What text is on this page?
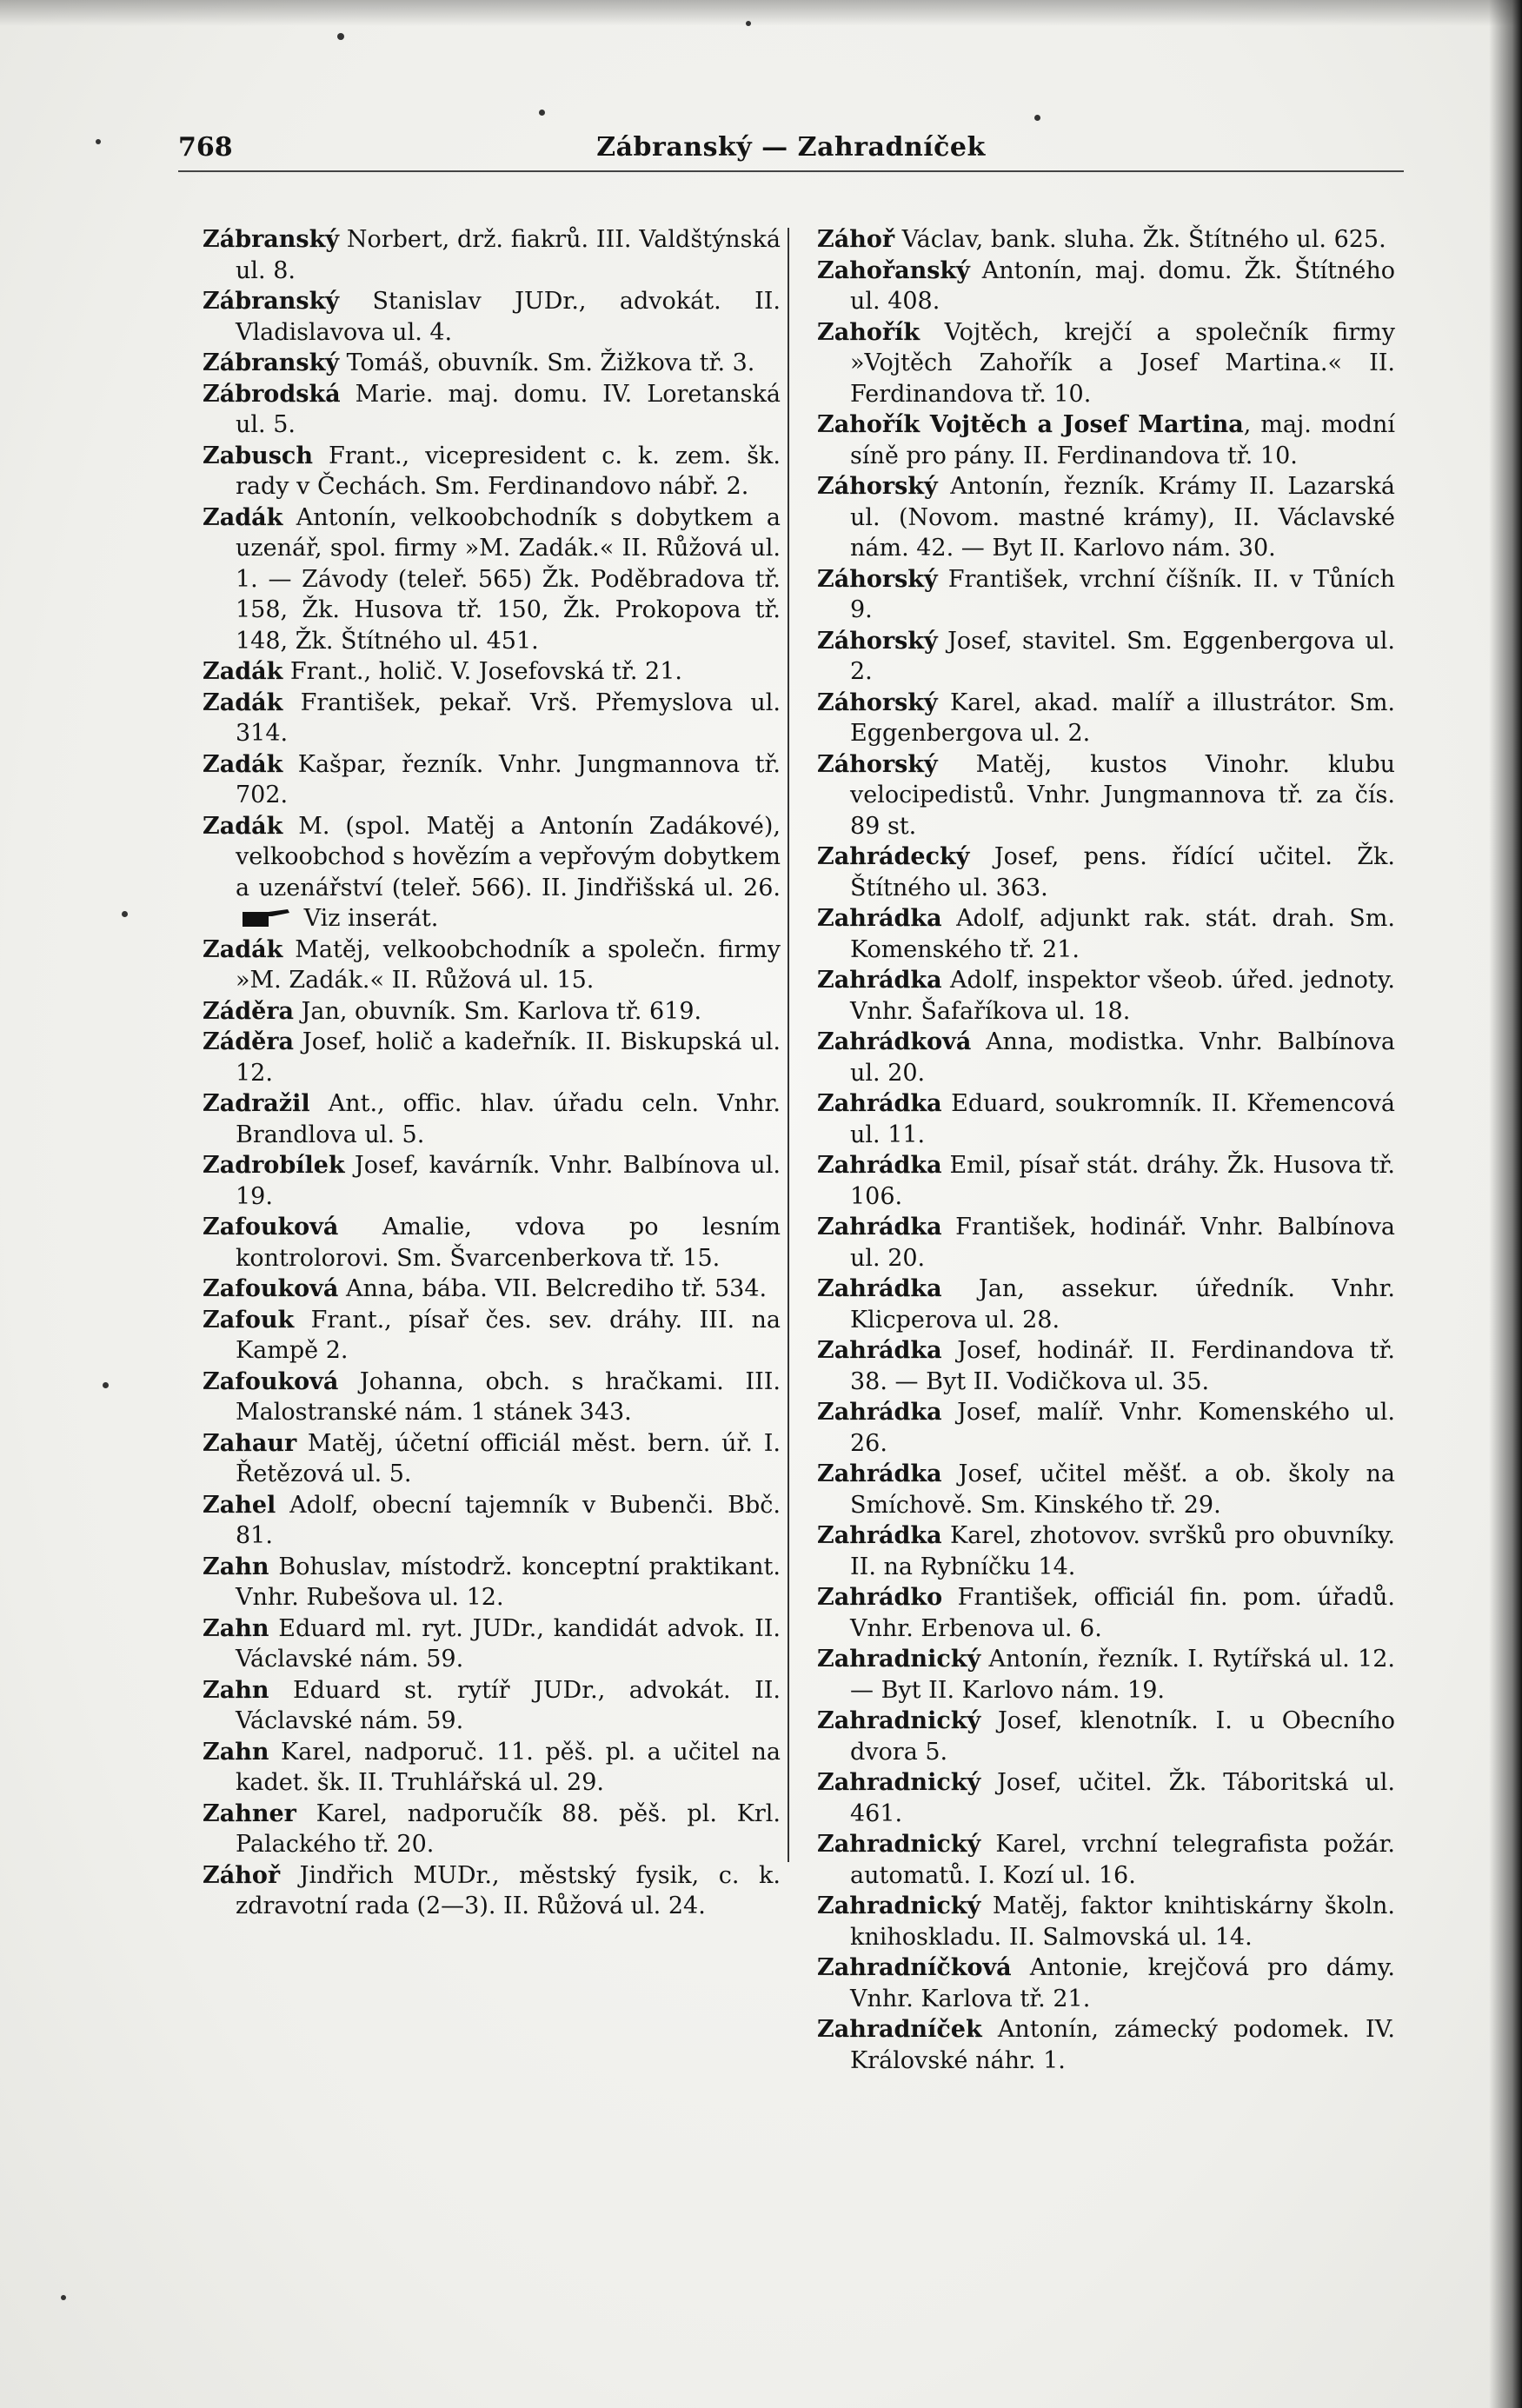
768	Zábranský — Zahradníček

Zábranský Norbert, drž. fiakrů. III. Valdštýnská ul. 8.

Zábranský Stanislav JUDr., advokát. II. Vladislavova ul. 4.

Zábranský Tomáš, obuvník. Sm. Žižkova tř. 3.

Zábrodská Marie. maj. domu. IV. Loretanská ul. 5.

Zabusch Frant., vicepresident c. k. zem. šk. rady v Čechách. Sm. Ferdinandovo nábř. 2.

Zadák Antonín, velkoobchodník s dobytkem a uzenář, spol. firmy »M. Zadák.« II. Růžová ul. 1. — Závody (teleř. 565) Žk. Poděbradova tř. 158, Žk. Husova tř. 150, Žk. Prokopova tř. 148, Žk. Štítného ul. 451.

Zadák Frant., holič. V. Josefovská tř. 21.

Zadák František, pekař. Vrš. Přemyslova ul. 314.

Zadák Kašpar, řezník. Vnhr. Jungmannova tř. 702.

Zadák M. (spol. Matěj a Antonín Zadákové), velkoobchod s hovězím a vepřovým dobytkem a uzenářství (teleř. 566). II. Jindřišská ul. 26. Viz inserát.

Zadák Matěj, velkoobchodník a společn. firmy »M. Zadák.« II. Růžová ul. 15.

Záděra Jan, obuvník. Sm. Karlova tř. 619.

Záděra Josef, holič a kadeřník. II. Biskupská ul. 12.

Zadražil Ant., offic. hlav. úřadu celn. Vnhr. Brandlova ul. 5.

Zadrobílek Josef, kavárník. Vnhr. Balbínova ul. 19.

Zafouková Amalie, vdova po lesním kontrolorovi. Sm. Švarcenberkova tř. 15.

Zafouková Anna, bába. VII. Belcrediho tř. 534.

Zafouk Frant., písař čes. sev. dráhy. III. na Kampě 2.

Zafouková Johanna, obch. s hračkami. III. Malostranské nám. 1 stánek 343.

Zahaur Matěj, účetní officiál měst. bern. úř. I. Řetězová ul. 5.

Zahel Adolf, obecní tajemník v Bubenči. Bbč. 81.

Zahn Bohuslav, místodrž. konceptní praktikant. Vnhr. Rubešova ul. 12.

Zahn Eduard ml. ryt. JUDr., kandidát advok. II. Václavské nám. 59.

Zahn Eduard st. rytíř JUDr., advokát. II. Václavské nám. 59.

Zahn Karel, nadporuč. 11. pěš. pl. a učitel na kadet. šk. II. Truhlářská ul. 29.

Zahner Karel, nadporučík 88. pěš. pl. Krl. Palackého tř. 20.

Záhoř Jindřich MUDr., městský fysik, c. k. zdravotní rada (2—3). II. Růžová ul. 24.

Záhoř Václav, bank. sluha. Žk. Štítného ul. 625.

Zahořanský Antonín, maj. domu. Žk. Štítného ul. 408.

Zahořík Vojtěch, krejčí a společník firmy »Vojtěch Zahořík a Josef Martina.« II. Ferdinandova tř. 10.

Zahořík Vojtěch a Josef Martina, maj. modní síně pro pány. II. Ferdinandova tř. 10.

Záhorský Antonín, řezník. Krámy II. Lazarská ul. (Novom. mastné krámy), II. Václavské nám. 42. — Byt II. Karlovo nám. 30.

Záhorský František, vrchní číšník. II. v Tůních 9.

Záhorský Josef, stavitel. Sm. Eggenbergova ul. 2.

Záhorský Karel, akad. malíř a illustrátor. Sm. Eggenbergova ul. 2.

Záhorský Matěj, kustos Vinohr. klubu velocipedistů. Vnhr. Jungmannova tř. za čís. 89 st.

Zahrádecký Josef, pens. řídící učitel. Žk. Štítného ul. 363.

Zahrádka Adolf, adjunkt rak. stát. drah. Sm. Komenského tř. 21.

Zahrádka Adolf, inspektor všeob. úřed. jednoty. Vnhr. Šafaříkova ul. 18.

Zahrádková Anna, modistka. Vnhr. Balbínova ul. 20.

Zahrádka Eduard, soukromník. II. Křemencová ul. 11.

Zahrádka Emil, písař stát. dráhy. Žk. Husova tř. 106.

Zahrádka František, hodinář. Vnhr. Balbínova ul. 20.

Zahrádka Jan, assekur. úředník. Vnhr. Klicperova ul. 28.

Zahrádka Josef, hodinář. II. Ferdinandova tř. 38. — Byt II. Vodičkova ul. 35.

Zahrádka Josef, malíř. Vnhr. Komenského ul. 26.

Zahrádka Josef, učitel měšť. a ob. školy na Smíchově. Sm. Kinského tř. 29.

Zahrádka Karel, zhotovov. svršků pro obuvníky. II. na Rybníčku 14.

Zahrádko František, officiál fin. pom. úřadů. Vnhr. Erbenova ul. 6.

Zahradnický Antonín, řezník. I. Rytířská ul. 12. — Byt II. Karlovo nám. 19.

Zahradnický Josef, klenotník. I. u Obecního dvora 5.

Zahradnický Josef, učitel. Žk. Táboritská ul. 461.

Zahradnický Karel, vrchní telegrafista požár. automatů. I. Kozí ul. 16.

Zahradnický Matěj, faktor knihtiskárny školn. knihoskladu. II. Salmovská ul. 14.

Zahradníčková Antonie, krejčová pro dámy. Vnhr. Karlova tř. 21.

Zahradníček Antonín, zámecký podomek. IV. Královské náhr. 1.
